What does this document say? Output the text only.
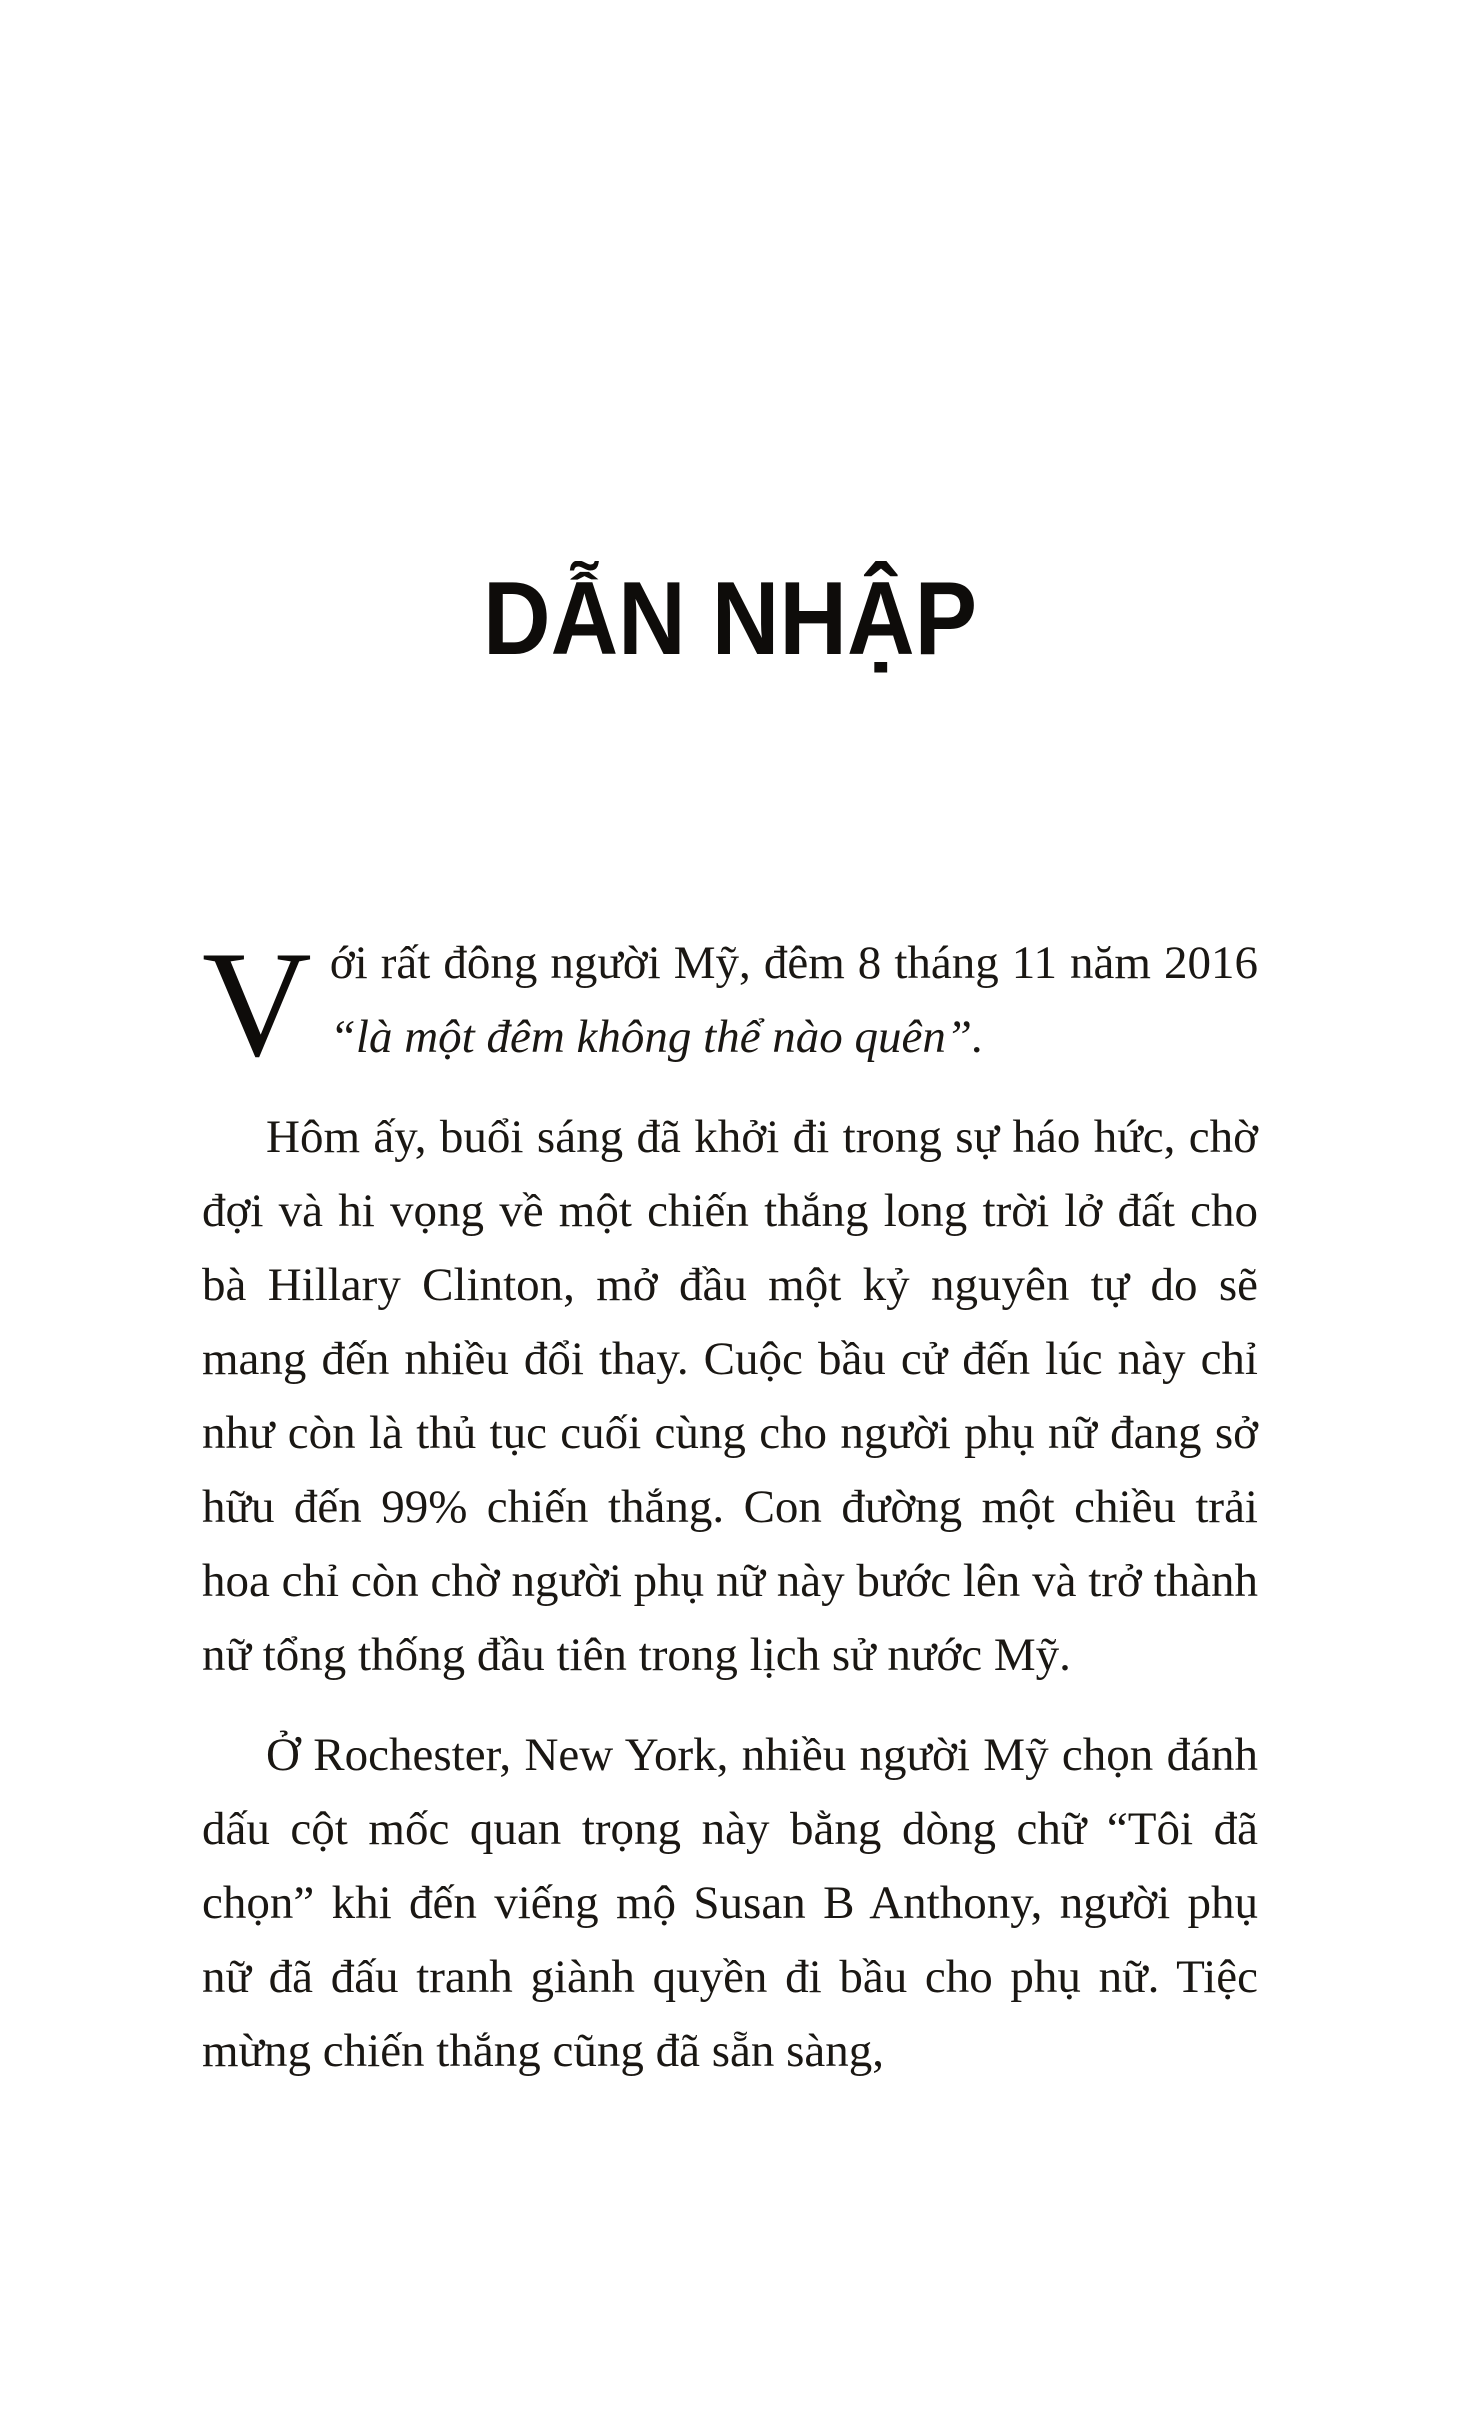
DẪN NHẬP

Với rất đông người Mỹ, đêm 8 tháng 11 năm 2016 “là một đêm không thể nào quên”.

Hôm ấy, buổi sáng đã khởi đi trong sự háo hức, chờ đợi và hi vọng về một chiến thắng long trời lở đất cho bà Hillary Clinton, mở đầu một kỷ nguyên tự do sẽ mang đến nhiều đổi thay. Cuộc bầu cử đến lúc này chỉ như còn là thủ tục cuối cùng cho người phụ nữ đang sở hữu đến 99% chiến thắng. Con đường một chiều trải hoa chỉ còn chờ người phụ nữ này bước lên và trở thành nữ tổng thống đầu tiên trong lịch sử nước Mỹ.

Ở Rochester, New York, nhiều người Mỹ chọn đánh dấu cột mốc quan trọng này bằng dòng chữ “Tôi đã chọn” khi đến viếng mộ Susan B Anthony, người phụ nữ đã đấu tranh giành quyền đi bầu cho phụ nữ. Tiệc mừng chiến thắng cũng đã sẵn sàng,
